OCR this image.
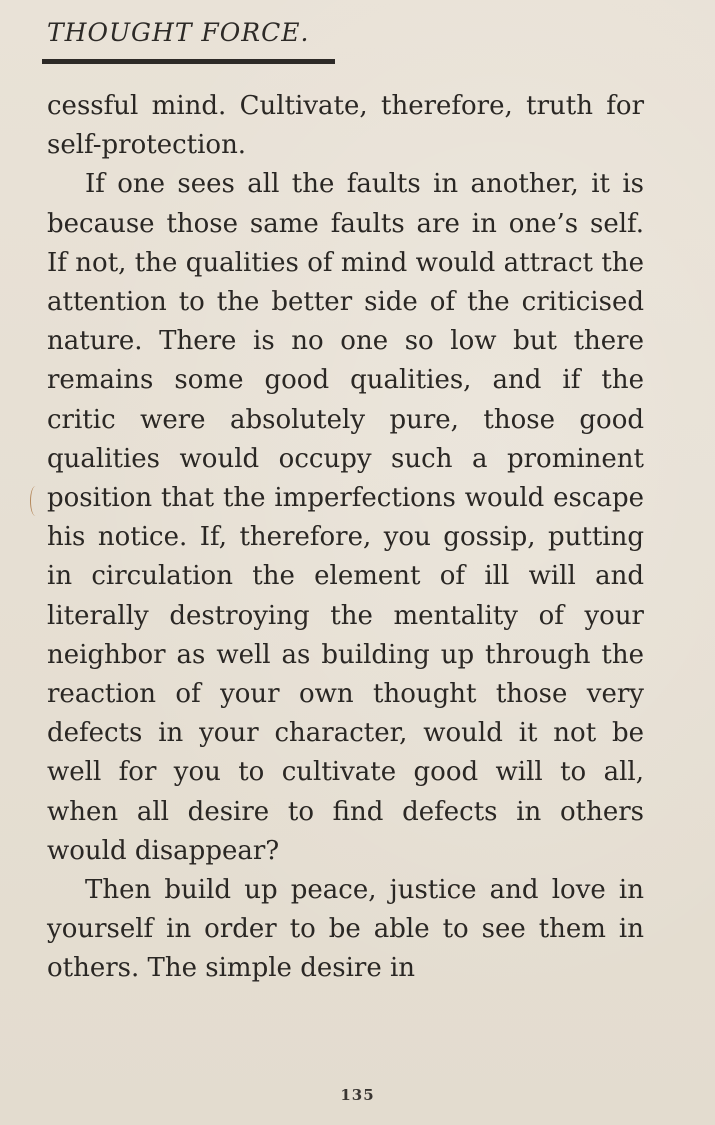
THOUGHT FORCE.

cessful mind. Cultivate, therefore, truth for self-protection.

If one sees all the faults in another, it is because those same faults are in one’s self. If not, the qualities of mind would attract the attention to the better side of the criticised nature. There is no one so low but there remains some good qualities, and if the critic were absolutely pure, those good qualities would occupy such a prominent position that the imperfections would escape his notice. If, therefore, you gossip, putting in circulation the element of ill will and literally destroying the mentality of your neighbor as well as building up through the reaction of your own thought those very defects in your character, would it not be well for you to cultivate good will to all, when all desire to find defects in others would disappear?

Then build up peace, justice and love in yourself in order to be able to see them in others. The simple desire in

135
